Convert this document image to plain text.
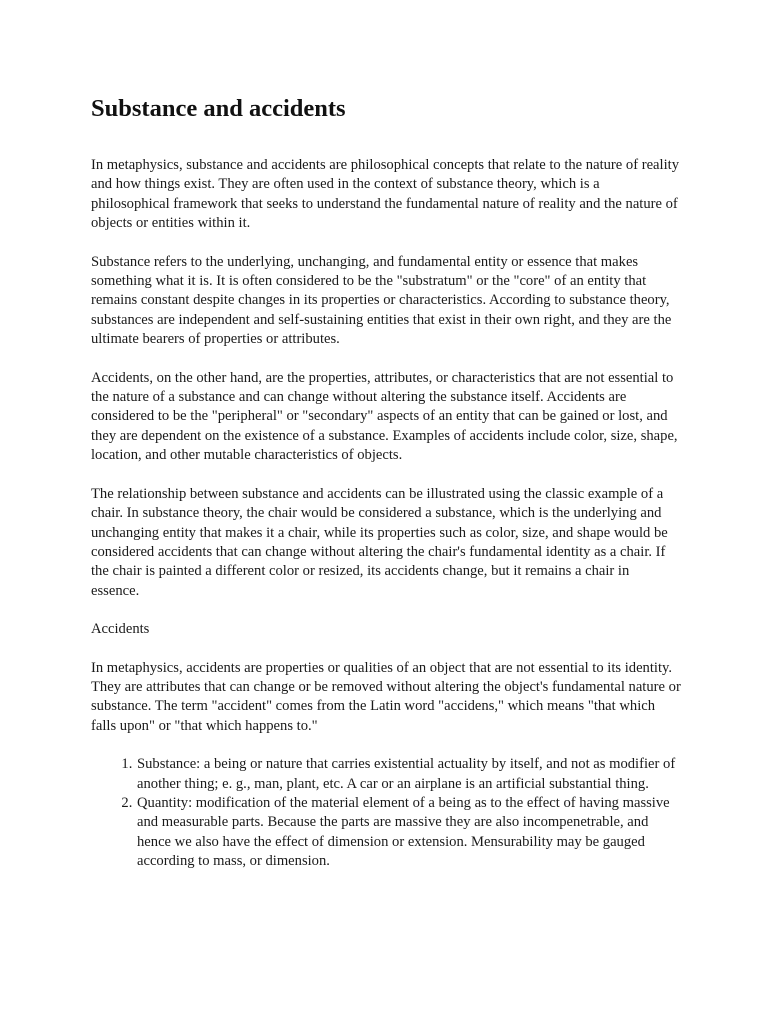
Substance and accidents

In metaphysics, substance and accidents are philosophical concepts that relate to the nature of reality and how things exist. They are often used in the context of substance theory, which is a philosophical framework that seeks to understand the fundamental nature of reality and the nature of objects or entities within it.

Substance refers to the underlying, unchanging, and fundamental entity or essence that makes something what it is. It is often considered to be the "substratum" or the "core" of an entity that remains constant despite changes in its properties or characteristics. According to substance theory, substances are independent and self-sustaining entities that exist in their own right, and they are the ultimate bearers of properties or attributes.

Accidents, on the other hand, are the properties, attributes, or characteristics that are not essential to the nature of a substance and can change without altering the substance itself. Accidents are considered to be the "peripheral" or "secondary" aspects of an entity that can be gained or lost, and they are dependent on the existence of a substance. Examples of accidents include color, size, shape, location, and other mutable characteristics of objects.

The relationship between substance and accidents can be illustrated using the classic example of a chair. In substance theory, the chair would be considered a substance, which is the underlying and unchanging entity that makes it a chair, while its properties such as color, size, and shape would be considered accidents that can change without altering the chair's fundamental identity as a chair. If the chair is painted a different color or resized, its accidents change, but it remains a chair in essence.

Accidents

In metaphysics, accidents are properties or qualities of an object that are not essential to its identity. They are attributes that can change or be removed without altering the object's fundamental nature or substance. The term "accident" comes from the Latin word "accidens," which means "that which falls upon" or "that which happens to."

1. Substance: a being or nature that carries existential actuality by itself, and not as modifier of another thing; e. g., man, plant, etc. A car or an airplane is an artificial substantial thing.
2. Quantity: modification of the material element of a being as to the effect of having massive and measurable parts. Because the parts are massive they are also incompenetrable, and hence we also have the effect of dimension or extension. Mensurability may be gauged according to mass, or dimension.
